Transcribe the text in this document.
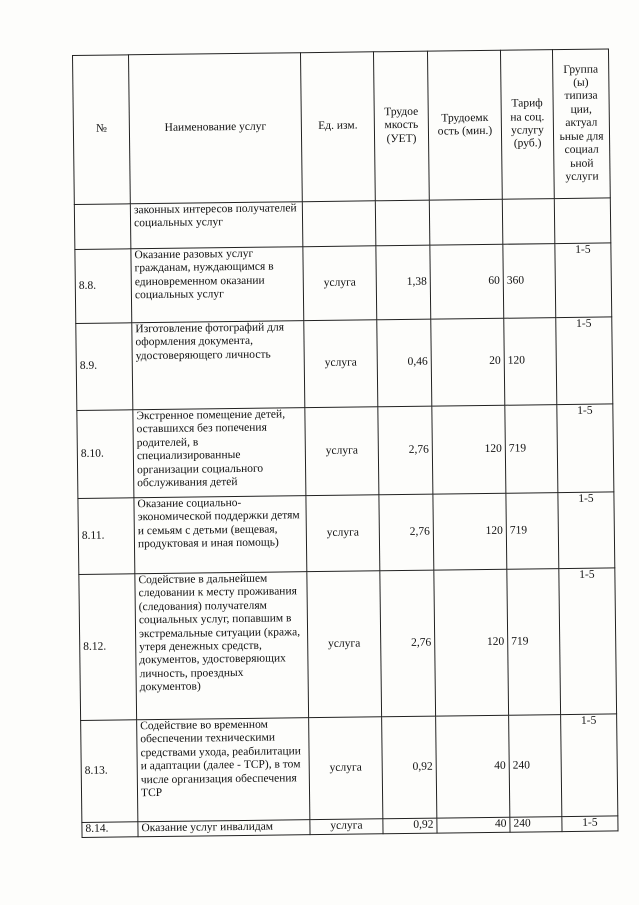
№	Наименование услуг	Ед. изм.	Трудое мкость (УЕТ)	Трудоемк ость (мин.)	Тариф на соц. услугу (руб.)	Группа (ы) типиза ции, актуал ьные для социал ьной услуги
	законных интересов получателей социальных услуг					
8.8.	Оказание разовых услуг гражданам, нуждающимся в единовременном оказании социальных услуг	услуга	1,38	60	360	1-5
8.9.	Изготовление фотографий для оформления документа, удостоверяющего личность	услуга	0,46	20	120	1-5
8.10.	Экстренное помещение детей, оставшихся без попечения родителей, в специализированные организации социального обслуживания детей	услуга	2,76	120	719	1-5
8.11.	Оказание социально-экономической поддержки детям и семьям с детьми (вещевая, продуктовая и иная помощь)	услуга	2,76	120	719	1-5
8.12.	Содействие в дальнейшем следовании к месту проживания (следования) получателям социальных услуг, попавшим в экстремальные ситуации (кража, утеря денежных средств, документов, удостоверяющих личность, проездных документов)	услуга	2,76	120	719	1-5
8.13.	Содействие во временном обеспечении техническими средствами ухода, реабилитации и адаптации (далее - ТСР), в том числе организация обеспечения ТСР	услуга	0,92	40	240	1-5
8.14.	Оказание услуг инвалидам	услуга	0,92	40	240	1-5
